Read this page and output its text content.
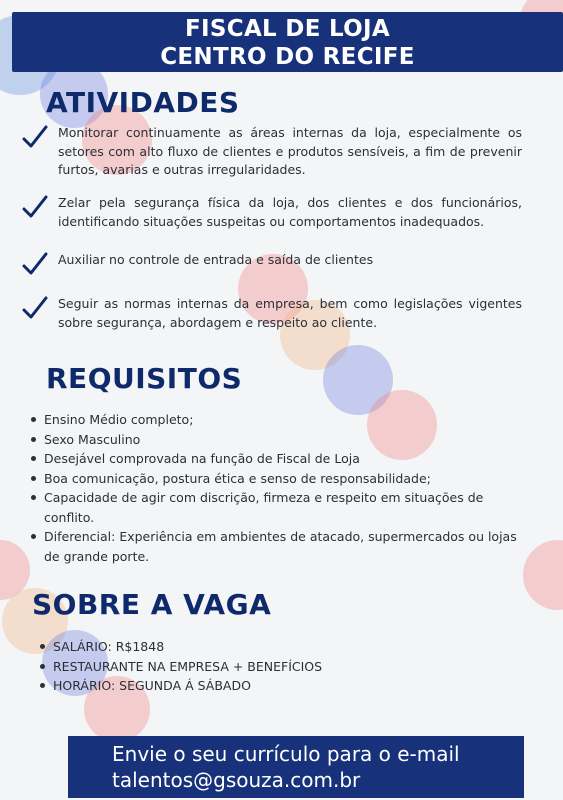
FISCAL DE LOJA
CENTRO DO RECIFE
ATIVIDADES
Monitorar continuamente as áreas internas da loja, especialmente os setores com alto fluxo de clientes e produtos sensíveis, a fim de prevenir furtos, avarias e outras irregularidades.
Zelar pela segurança física da loja, dos clientes e dos funcionários, identificando situações suspeitas ou comportamentos inadequados.
Auxiliar no controle de entrada e saída de clientes
Seguir as normas internas da empresa, bem como legislações vigentes sobre segurança, abordagem e respeito ao cliente.
REQUISITOS
Ensino Médio completo;
Sexo Masculino
Desejável comprovada na função de Fiscal de Loja
Boa comunicação, postura ética e senso de responsabilidade;
Capacidade de agir com discrição, firmeza e respeito em situações de conflito.
Diferencial: Experiência em ambientes de atacado, supermercados ou lojas de grande porte.
SOBRE A VAGA
SALÁRIO: R$1848
RESTAURANTE NA EMPRESA + BENEFÍCIOS
HORÁRIO: SEGUNDA Á SÁBADO
Envie o seu currículo para o e-mail
talentos@gsouza.com.br
